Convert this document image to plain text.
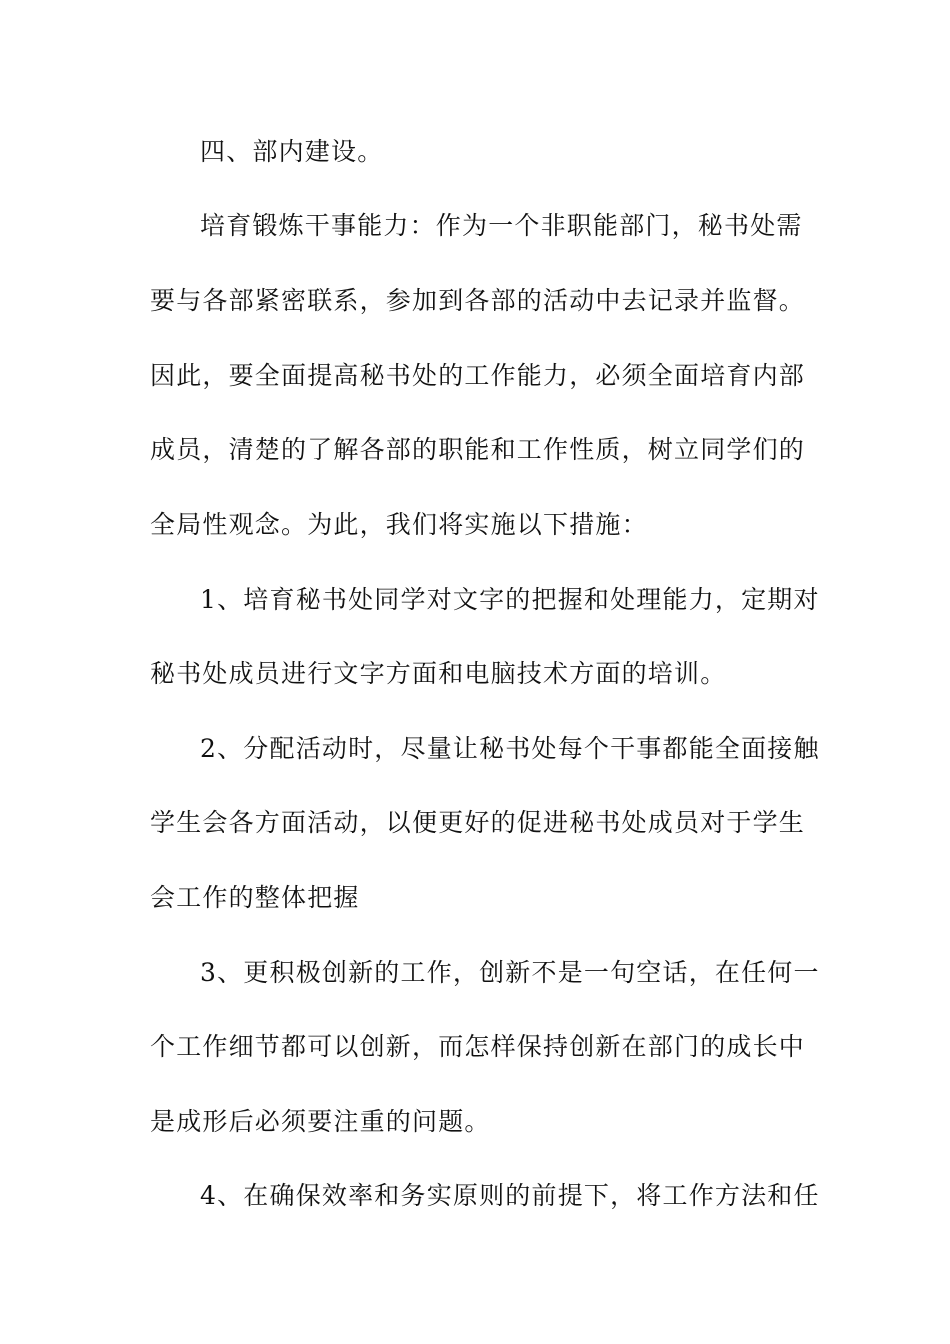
四、部内建设。

培育锻炼干事能力：作为一个非职能部门，秘书处需

要与各部紧密联系，参加到各部的活动中去记录并监督。

因此，要全面提高秘书处的工作能力，必须全面培育内部

成员，清楚的了解各部的职能和工作性质，树立同学们的

全局性观念。为此，我们将实施以下措施：

1、培育秘书处同学对文字的把握和处理能力，定期对

秘书处成员进行文字方面和电脑技术方面的培训。

2、分配活动时，尽量让秘书处每个干事都能全面接触

学生会各方面活动，以便更好的促进秘书处成员对于学生

会工作的整体把握

3、更积极创新的工作，创新不是一句空话，在任何一

个工作细节都可以创新，而怎样保持创新在部门的成长中

是成形后必须要注重的问题。

4、在确保效率和务实原则的前提下，将工作方法和任
